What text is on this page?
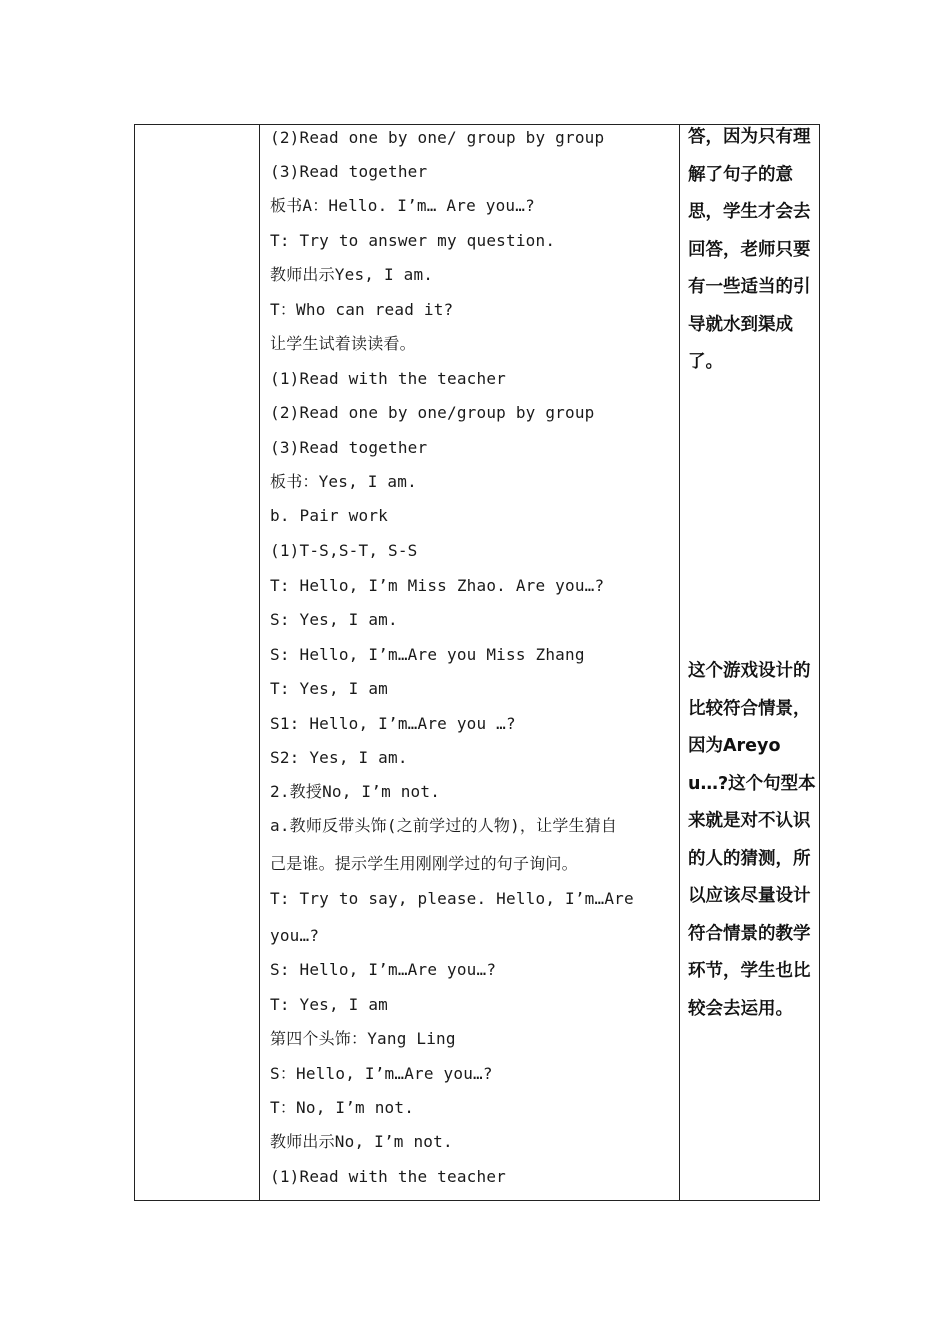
(2)Read one by one/ group by group
(3)Read together
板书A：Hello. I’m… Are you…?
T: Try to answer my question.
教师出示Yes, I am.
T：Who can read it?
让学生试着读读看。
(1)Read with the teacher
(2)Read one by one/group by group
(3)Read together
板书：Yes, I am.
b. Pair work
(1)T-S,S-T, S-S
T: Hello, I’m Miss Zhao. Are you…?
S: Yes, I am.
S: Hello, I’m…Are you Miss Zhang
T: Yes, I am
S1: Hello, I’m…Are you …?
S2: Yes, I am.
2.教授No, I’m not.
a.教师反带头饰(之前学过的人物)，让学生猜自
己是谁。提示学生用刚刚学过的句子询问。
T: Try to say, please. Hello, I’m…Are
you…?
S: Hello, I’m…Are you…?
T: Yes, I am
第四个头饰：Yang Ling
S：Hello, I’m…Are you…?
T：No, I’m not.
教师出示No, I’m not.
(1)Read with the teacher
答，因为只有理解了句子的意思，学生才会去回答，老师只要有一些适当的引导就水到渠成了。
这个游戏设计的比较符合情景，因为Areyou…?这个句型本来就是对不认识的人的猜测，所以应该尽量设计符合情景的教学环节，学生也比较会去运用。
